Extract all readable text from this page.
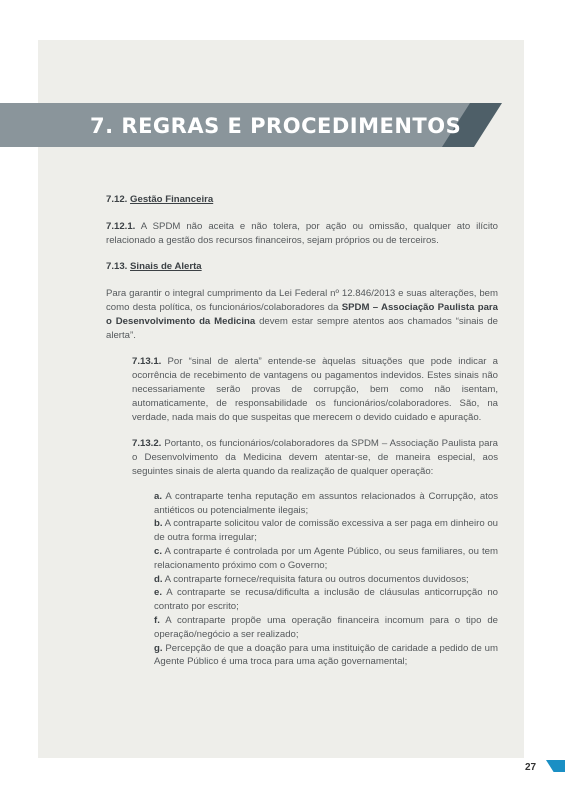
7. REGRAS E PROCEDIMENTOS

7.12. Gestão Financeira

7.12.1. A SPDM não aceita e não tolera, por ação ou omissão, qualquer ato ilícito relacionado a gestão dos recursos financeiros, sejam próprios ou de terceiros.

7.13. Sinais de Alerta

Para garantir o integral cumprimento da Lei Federal nº 12.846/2013 e suas alterações, bem como desta política, os funcionários/colaboradores da SPDM – Associação Paulista para o Desenvolvimento da Medicina devem estar sempre atentos aos chamados “sinais de alerta”.

7.13.1. Por “sinal de alerta” entende-se àquelas situações que pode indicar a ocorrência de recebimento de vantagens ou pagamentos indevidos. Estes sinais não necessariamente serão provas de corrupção, bem como não isentam, automaticamente, de responsabilidade os funcionários/colaboradores. São, na verdade, nada mais do que suspeitas que merecem o devido cuidado e apuração.

7.13.2. Portanto, os funcionários/colaboradores da SPDM – Associação Paulista para o Desenvolvimento da Medicina devem atentar-se, de maneira especial, aos seguintes sinais de alerta quando da realização de qualquer operação:

a. A contraparte tenha reputação em assuntos relacionados à Corrupção, atos antiéticos ou potencialmente ilegais;

b. A contraparte solicitou valor de comissão excessiva a ser paga em dinheiro ou de outra forma irregular;

c. A contraparte é controlada por um Agente Público, ou seus familiares, ou tem relacionamento próximo com o Governo;

d. A contraparte fornece/requisita fatura ou outros documentos duvidosos;

e. A contraparte se recusa/dificulta a inclusão de cláusulas anticorrupção no contrato por escrito;

f. A contraparte propõe uma operação financeira incomum para o tipo de operação/negócio a ser realizado;

g. Percepção de que a doação para uma instituição de caridade a pedido de um Agente Público é uma troca para uma ação governamental;

27
